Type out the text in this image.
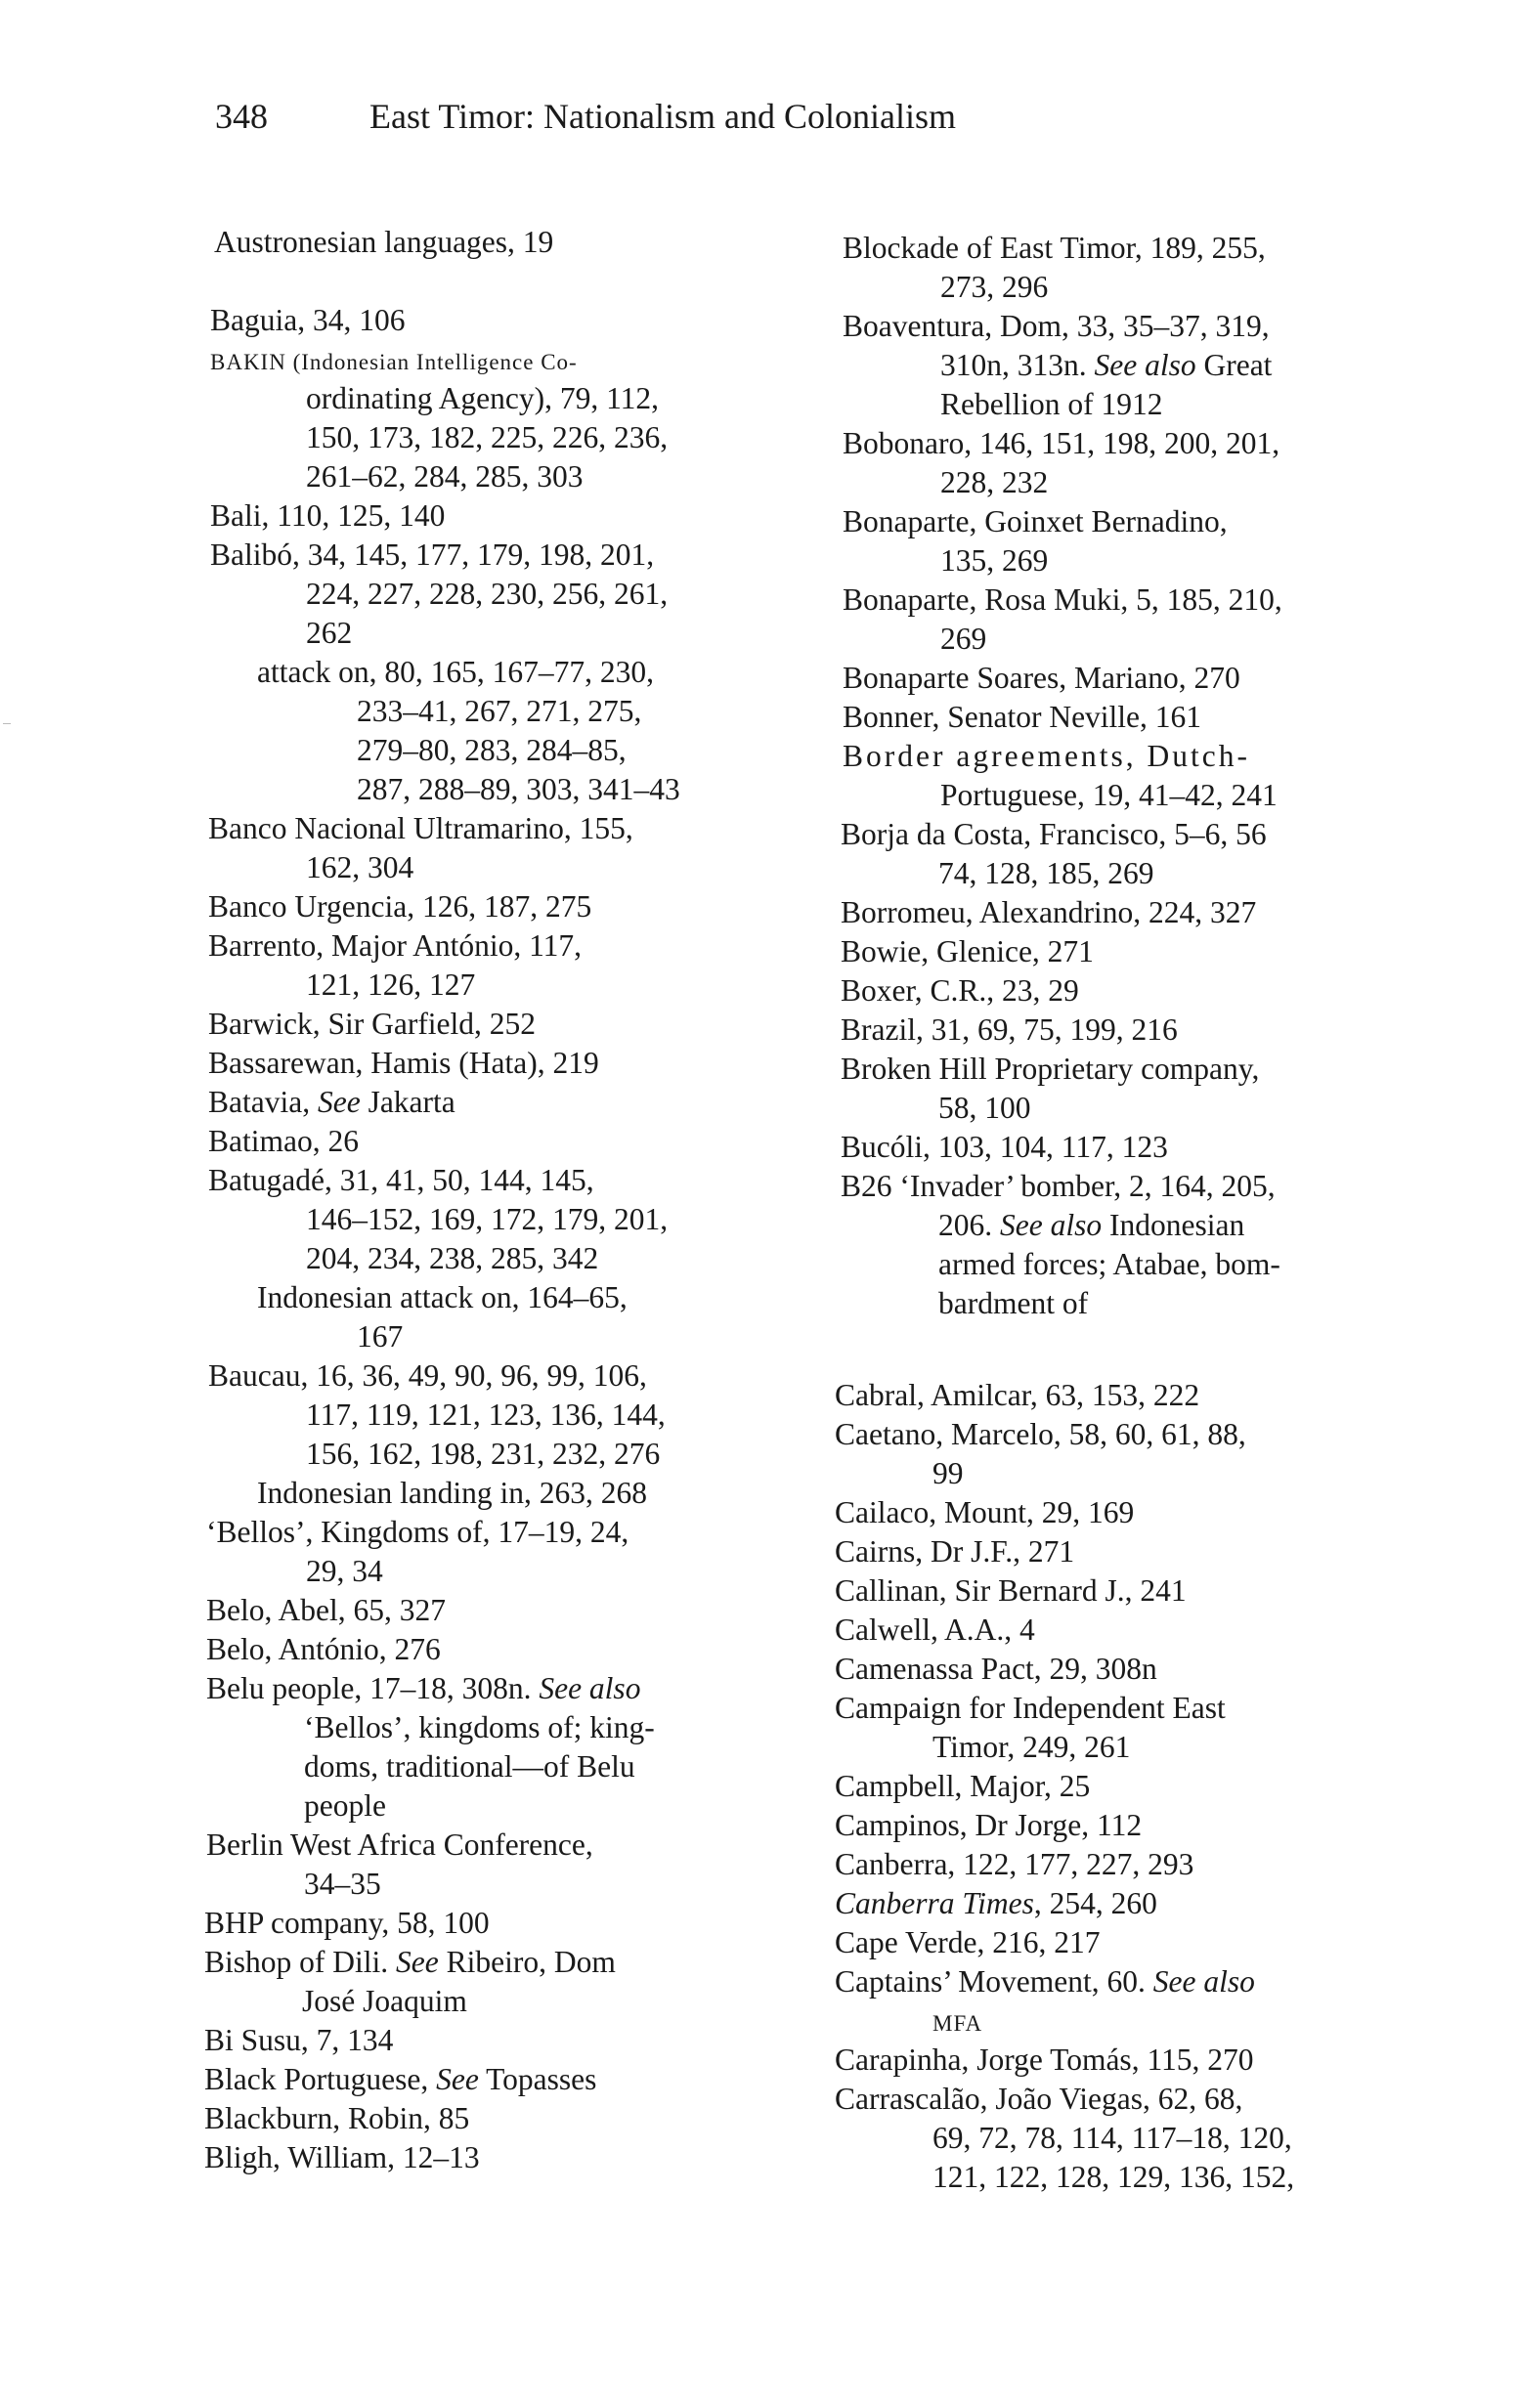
348	East Timor: Nationalism and Colonialism
Austronesian languages, 19
Baguia, 34, 106
BAKIN (Indonesian Intelligence Co-
ordinating Agency), 79, 112,
150, 173, 182, 225, 226, 236,
261–62, 284, 285, 303
Bali, 110, 125, 140
Balibó, 34, 145, 177, 179, 198, 201,
224, 227, 228, 230, 256, 261,
262
attack on, 80, 165, 167–77, 230,
233–41, 267, 271, 275,
279–80, 283, 284–85,
287, 288–89, 303, 341–43
Banco Nacional Ultramarino, 155,
162, 304
Banco Urgencia, 126, 187, 275
Barrento, Major António, 117,
121, 126, 127
Barwick, Sir Garfield, 252
Bassarewan, Hamis (Hata), 219
Batavia, See Jakarta
Batimao, 26
Batugadé, 31, 41, 50, 144, 145,
146–152, 169, 172, 179, 201,
204, 234, 238, 285, 342
Indonesian attack on, 164–65,
167
Baucau, 16, 36, 49, 90, 96, 99, 106,
117, 119, 121, 123, 136, 144,
156, 162, 198, 231, 232, 276
Indonesian landing in, 263, 268
‘Bellos’, Kingdoms of, 17–19, 24,
29, 34
Belo, Abel, 65, 327
Belo, António, 276
Belu people, 17–18, 308n. See also
‘Bellos’, kingdoms of; king-
doms, traditional—of Belu
people
Berlin West Africa Conference,
34–35
BHP company, 58, 100
Bishop of Dili. See Ribeiro, Dom
José Joaquim
Bi Susu, 7, 134
Black Portuguese, See Topasses
Blackburn, Robin, 85
Bligh, William, 12–13
Blockade of East Timor, 189, 255,
273, 296
Boaventura, Dom, 33, 35–37, 319,
310n, 313n. See also Great
Rebellion of 1912
Bobonaro, 146, 151, 198, 200, 201,
228, 232
Bonaparte, Goinxet Bernadino,
135, 269
Bonaparte, Rosa Muki, 5, 185, 210,
269
Bonaparte Soares, Mariano, 270
Bonner, Senator Neville, 161
Border agreements, Dutch-
Portuguese, 19, 41–42, 241
Borja da Costa, Francisco, 5–6, 56
74, 128, 185, 269
Borromeu, Alexandrino, 224, 327
Bowie, Glenice, 271
Boxer, C.R., 23, 29
Brazil, 31, 69, 75, 199, 216
Broken Hill Proprietary company,
58, 100
Bucóli, 103, 104, 117, 123
B26 ‘Invader’ bomber, 2, 164, 205,
206. See also Indonesian
armed forces; Atabae, bom-
bardment of
Cabral, Amilcar, 63, 153, 222
Caetano, Marcelo, 58, 60, 61, 88,
99
Cailaco, Mount, 29, 169
Cairns, Dr J.F., 271
Callinan, Sir Bernard J., 241
Calwell, A.A., 4
Camenassa Pact, 29, 308n
Campaign for Independent East
Timor, 249, 261
Campbell, Major, 25
Campinos, Dr Jorge, 112
Canberra, 122, 177, 227, 293
Canberra Times, 254, 260
Cape Verde, 216, 217
Captains’ Movement, 60. See also
MFA
Carapinha, Jorge Tomás, 115, 270
Carrascalão, João Viegas, 62, 68,
69, 72, 78, 114, 117–18, 120,
121, 122, 128, 129, 136, 152,
